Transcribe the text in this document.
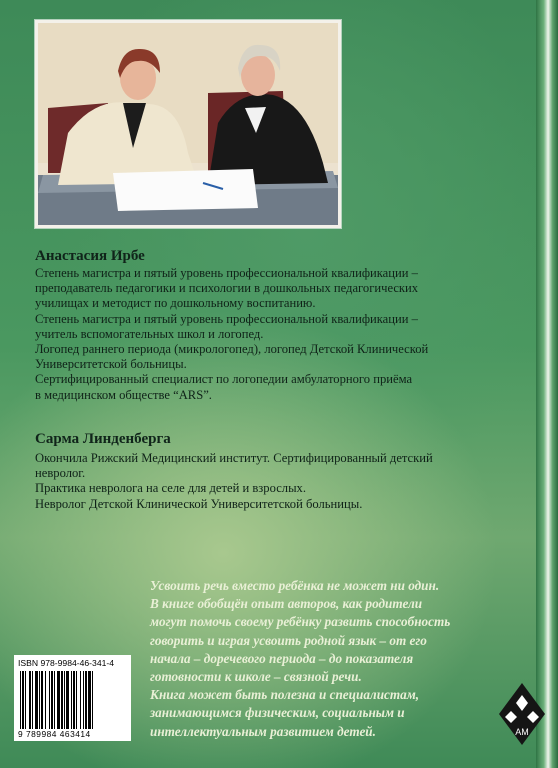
Анастасия Ирбе

Степень магистра и пятый уровень профессиональной квалификации –

преподаватель педагогики и психологии в дошкольных педагогических

училищах и методист по дошкольному воспитанию.

Степень магистра и пятый уровень профессиональной квалификации –

учитель вспомогательных школ и логопед.

Логопед раннего периода (микрологопед), логопед Детской Клинической

Университетской больницы.

Сертифицированный специалист по логопедии амбулаторного приёма

в медицинском обществе “ARS”.

Сарма Линденберга

Окончила Рижский Медицинский институт. Сертифицированный детский

невролог.

Практика невролога на селе для детей и взрослых.

Невролог Детской Клинической Университетской больницы.

Усвоить речь вместо ребёнка не может ни один.

В книге обобщён опыт авторов, как родители

могут помочь своему ребёнку развить способность

говорить и играя усвоить родной язык – от его

начала – доречевого периода – до показателя

готовности к школе – связной речи.

Книга может быть полезна и специалистам,

занимающимся физическим, социальным и

интеллектуальным развитием детей.

ISBN 978-9984-46-341-4
9 789984 463414	AM
